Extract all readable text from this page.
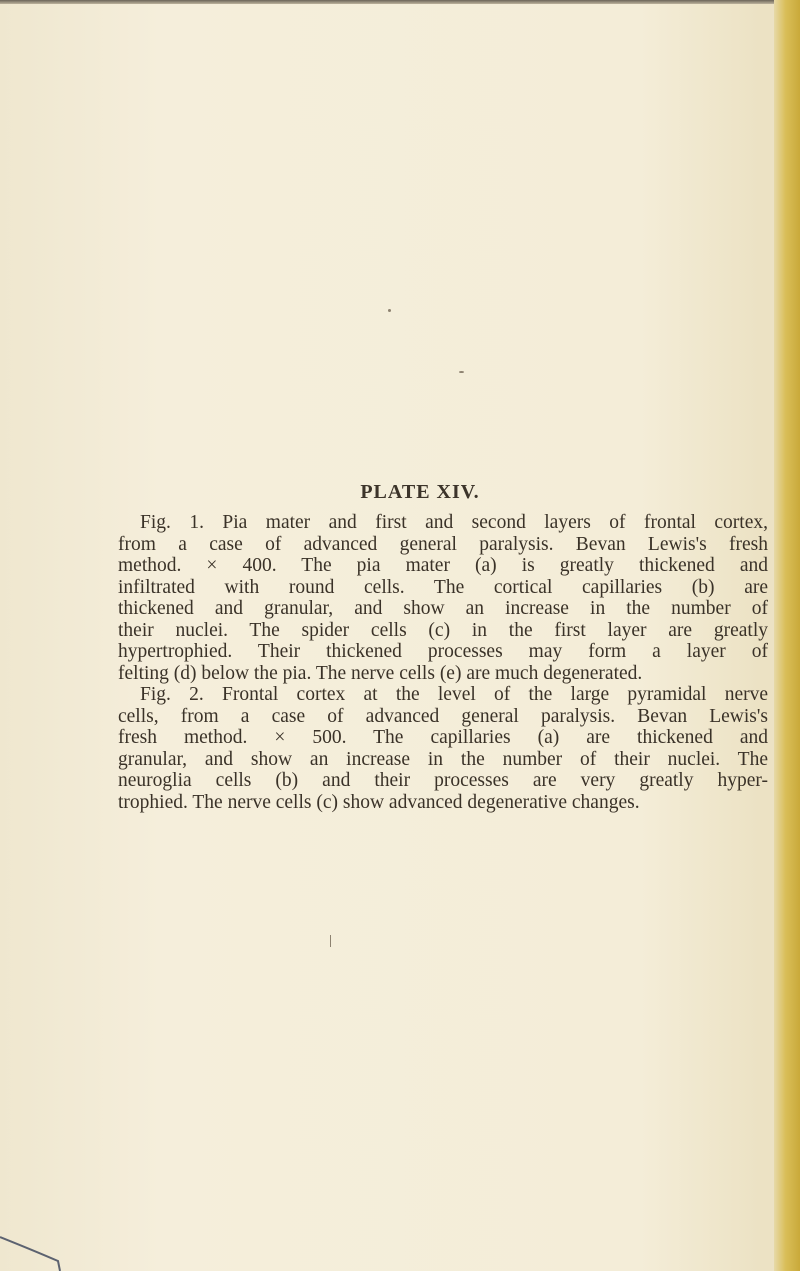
PLATE XIV.

Fig. 1. Pia mater and first and second layers of frontal cortex,
from a case of advanced general paralysis. Bevan Lewis's fresh
method. × 400. The pia mater (a) is greatly thickened and
infiltrated with round cells. The cortical capillaries (b) are
thickened and granular, and show an increase in the number of
their nuclei. The spider cells (c) in the first layer are greatly
hypertrophied. Their thickened processes may form a layer of
felting (d) below the pia. The nerve cells (e) are much degenerated.

Fig. 2. Frontal cortex at the level of the large pyramidal nerve
cells, from a case of advanced general paralysis. Bevan Lewis's
fresh method. × 500. The capillaries (a) are thickened and
granular, and show an increase in the number of their nuclei. The
neuroglia cells (b) and their processes are very greatly hyper-
trophied. The nerve cells (c) show advanced degenerative changes.
